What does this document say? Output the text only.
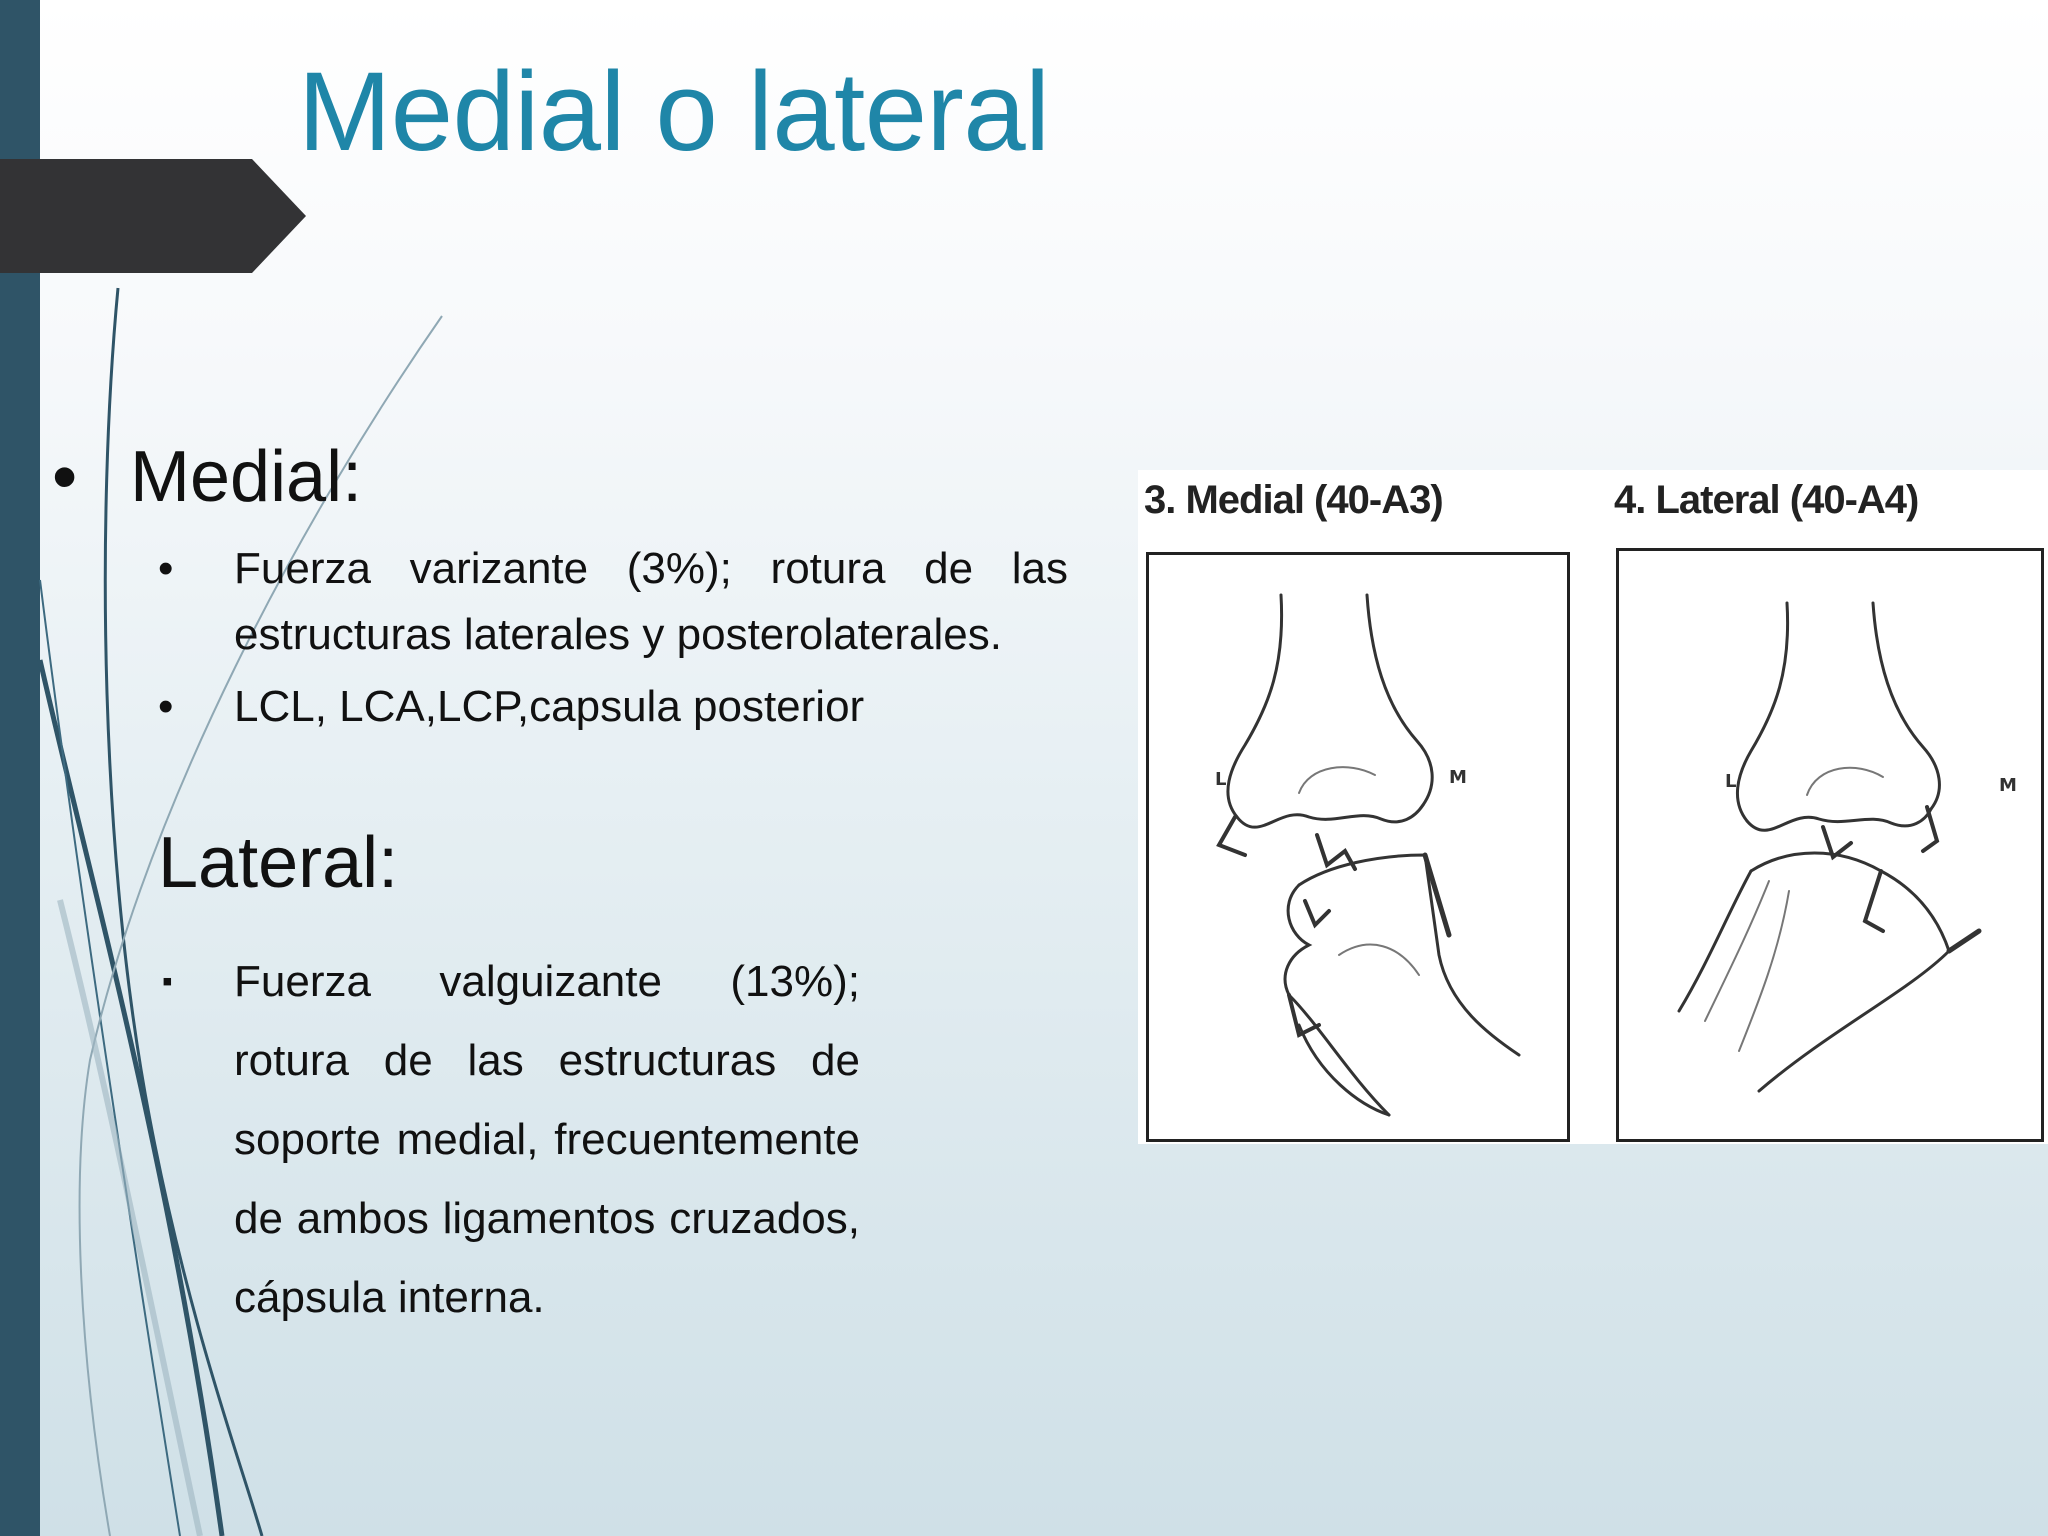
Medial o lateral
• Medial:
• Fuerza varizante (3%); rotura de las estructuras laterales y posterolaterales.
• LCL, LCA,LCP,capsula posterior
Lateral:
▪ Fuerza valguizante (13%); rotura de las estructuras de soporte medial, frecuentemente de ambos ligamentos cruzados, cápsula interna.
3. Medial (40-A3)	4. Lateral (40-A4)
L	M	L	M
